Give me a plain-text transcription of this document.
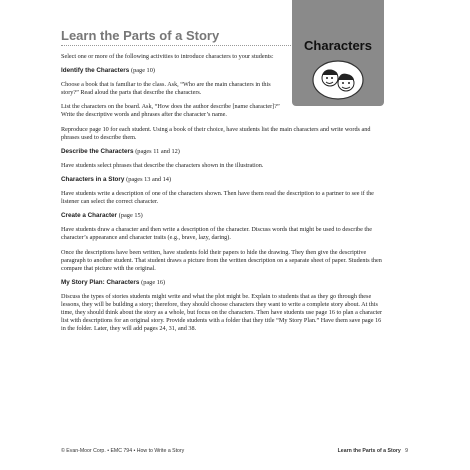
Learn the Parts of a Story

Characters

Select one or more of the following activities to introduce characters to your students:

Identify the Characters (page 10)

Choose a book that is familiar to the class. Ask, “Who are the main characters in this story?” Read aloud the parts that describe the characters.

List the characters on the board. Ask, “How does the author describe [name character]?” Write the descriptive words and phrases after the character’s name.

Reproduce page 10 for each student. Using a book of their choice, have students list the main characters and write words and phrases used to describe them.

Describe the Characters (pages 11 and 12)

Have students select phrases that describe the characters shown in the illustration.

Characters in a Story (pages 13 and 14)

Have students write a description of one of the characters shown. Then have them read the description to a partner to see if the listener can select the correct character.

Create a Character (page 15)

Have students draw a character and then write a description of the character. Discuss words that might be used to describe the character’s appearance and character traits (e.g., brave, lazy, daring).

Once the descriptions have been written, have students fold their papers to hide the drawing. They then give the descriptive paragraph to another student. That student draws a picture from the written description on a separate sheet of paper. Students then compare that picture with the original.

My Story Plan: Characters (page 16)

Discuss the types of stories students might write and what the plot might be. Explain to students that as they go through these lessons, they will be building a story; therefore, they should choose characters they want to write a complete story about. At this time, they should think about the story as a whole, but focus on the characters. Then have students use page 16 to plan a character list with descriptions for an original story. Provide students with a folder that they title “My Story Plan.” Have them save page 16 in the folder. Later, they will add pages 24, 31, and 38.

© Evan-Moor Corp. • EMC 794 • How to Write a Story	Learn the Parts of a Story 9
